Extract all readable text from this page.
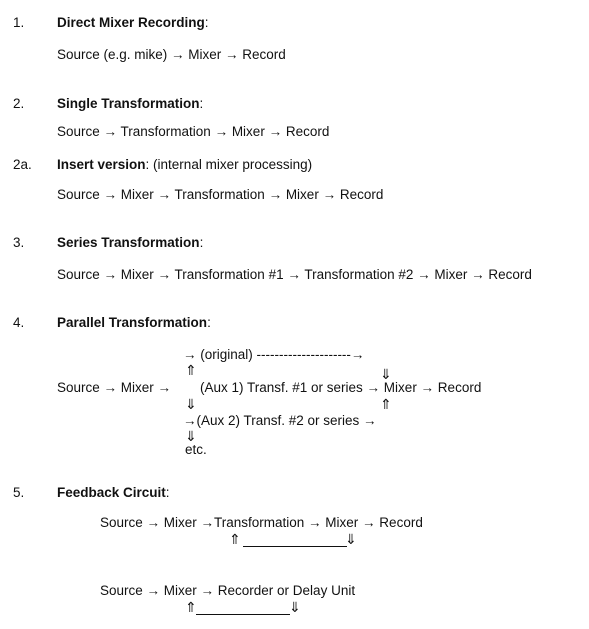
1. Direct Mixer Recording:
Source (e.g. mike) → Mixer → Record
2. Single Transformation:
Source → Transformation → Mixer → Record
2a. Insert version: (internal mixer processing)
Source → Mixer → Transformation → Mixer → Record
3. Series Transformation:
Source → Mixer → Transformation #1 → Transformation #2 → Mixer → Record
4. Parallel Transformation:
→ (original) ---------------------→
⇑	⇓
Source → Mixer → (Aux 1) Transf. #1 or series → Mixer → Record
⇓	⇑
→(Aux 2) Transf. #2 or series →
⇓
etc.
5. Feedback Circuit:
Source → Mixer →Transformation → Mixer → Record
⇑	⇓
Source → Mixer → Recorder or Delay Unit
⇑	⇓
